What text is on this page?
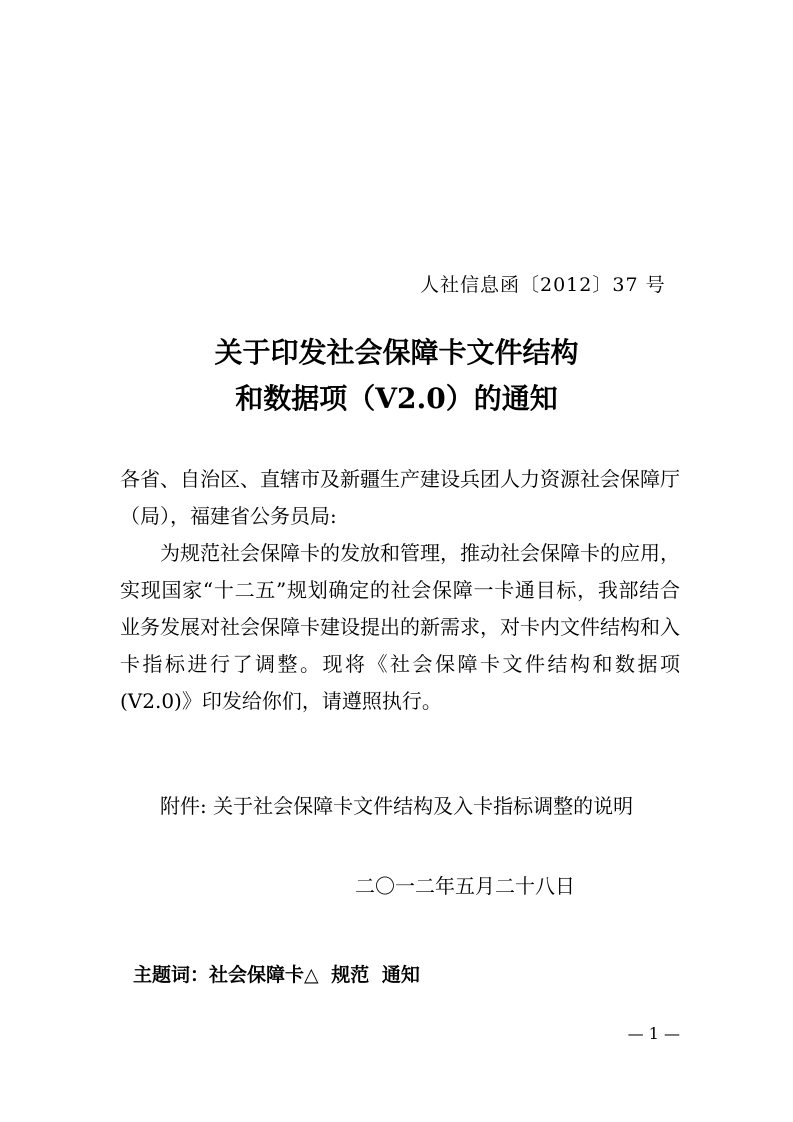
人社信息函〔2012〕37 号
关于印发社会保障卡文件结构
和数据项（V2.0）的通知
各省、自治区、直辖市及新疆生产建设兵团人力资源社会保障厅（局），福建省公务员局:
为规范社会保障卡的发放和管理，推动社会保障卡的应用，实现国家“十二五”规划确定的社会保障一卡通目标，我部结合业务发展对社会保障卡建设提出的新需求，对卡内文件结构和入卡指标进行了调整。现将《社会保障卡文件结构和数据项(V2.0)》印发给你们，请遵照执行。
附件: 关于社会保障卡文件结构及入卡指标调整的说明
二〇一二年五月二十八日
主题词：社会保障卡△ 规范 通知
— 1 —
